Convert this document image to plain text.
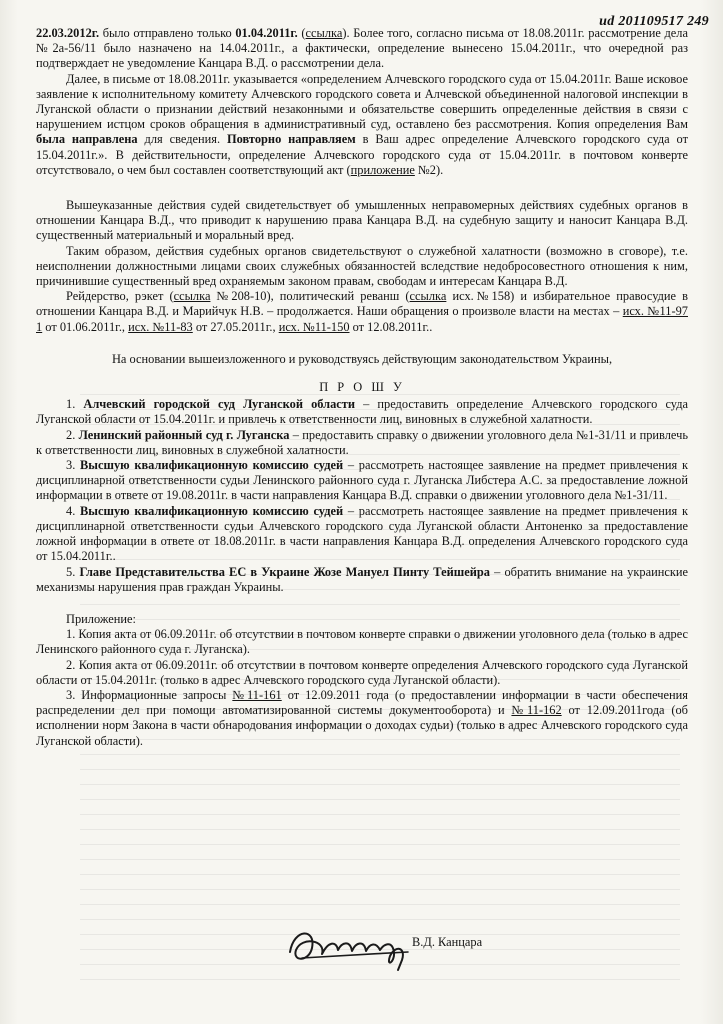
ud 201109517 249

22.03.2012г. было отправлено только 01.04.2011г. (ссылка). Более того, согласно письма от 18.08.2011г. рассмотрение дела №2а-56/11 было назначено на 14.04.2011г., а фактически, определение вынесено 15.04.2011г., что очередной раз подтверждает не уведомление Канцара В.Д. о рассмотрении дела.

Далее, в письме от 18.08.2011г. указывается «определением Алчевского городского суда от 15.04.2011г. Ваше исковое заявление к исполнительному комитету Алчевского городского совета и Алчевской объединенной налоговой инспекции в Луганской области о признании действий незаконными и обязательстве совершить определенные действия в связи с нарушением истцом сроков обращения в административный суд, оставлено без рассмотрения. Копия определения Вам была направлена для сведения. Повторно направляем в Ваш адрес определение Алчевского городского суда от 15.04.2011г.». В действительности, определение Алчевского городского суда от 15.04.2011г. в почтовом конверте отсутствовало, о чем был составлен соответствующий акт (приложение №2).

Вышеуказанные действия судей свидетельствует об умышленных неправомерных действиях судебных органов в отношении Канцара В.Д., что приводит к нарушению права Канцара В.Д. на судебную защиту и наносит Канцара В.Д. существенный материальный и моральный вред.

Таким образом, действия судебных органов свидетельствуют о служебной халатности (возможно в сговоре), т.е. неисполнении должностными лицами своих служебных обязанностей вследствие недобросовестного отношения к ним, причинившие существенный вред охраняемым законом правам, свободам и интересам Канцара В.Д.

Рейдерство, рэкет (ссылка №208-10), политический реванш (ссылка исх.№158) и избирательное правосудие в отношении Канцара В.Д. и Марийчук Н.В. – продолжается. Наши обращения о произволе власти на местах – исх. №11-97 1 от 01.06.2011г., исх. №11-83 от 27.05.2011г., исх. №11-150 от 12.08.2011г..

На основании вышеизложенного и руководствуясь действующим законодательством Украины,

П Р О Ш У

1. Алчевский городской суд Луганской области – предоставить определение Алчевского городского суда Луганской области от 15.04.2011г. и привлечь к ответственности лиц, виновных в служебной халатности.

2. Ленинский районный суд г. Луганска – предоставить справку о движении уголовного дела №1-31/11 и привлечь к ответственности лиц, виновных в служебной халатности.

3. Высшую квалификационную комиссию судей – рассмотреть настоящее заявление на предмет привлечения к дисциплинарной ответственности судьи Ленинского районного суда г. Луганска Либстера А.С. за предоставление ложной информации в ответе от 19.08.2011г. в части направления Канцара В.Д. справки о движении уголовного дела №1-31/11.

4. Высшую квалификационную комиссию судей – рассмотреть настоящее заявление на предмет привлечения к дисциплинарной ответственности судьи Алчевского городского суда Луганской области Антоненко за предоставление ложной информации в ответе от 18.08.2011г. в части направления Канцара В.Д. определения Алчевского городского суда от 15.04.2011г..

5. Главе Представительства ЕС в Украине Жозе Мануел Пинту Тейшейра – обратить внимание на украинские механизмы нарушения прав граждан Украины.

Приложение:

1. Копия акта от 06.09.2011г. об отсутствии в почтовом конверте справки о движении уголовного дела (только в адрес Ленинского районного суда г. Луганска).

2. Копия акта от 06.09.2011г. об отсутствии в почтовом конверте определения Алчевского городского суда Луганской области от 15.04.2011г. (только в адрес Алчевского городского суда Луганской области).

3. Информационные запросы №11-161 от 12.09.2011 года (о предоставлении информации в части обеспечения распределении дел при помощи автоматизированной системы документооборота) и №11-162 от 12.09.2011года (об исполнении норм Закона в части обнародования информации о доходах судьи) (только в адрес Алчевского городского суда Луганской области).

В.Д. Канцара
